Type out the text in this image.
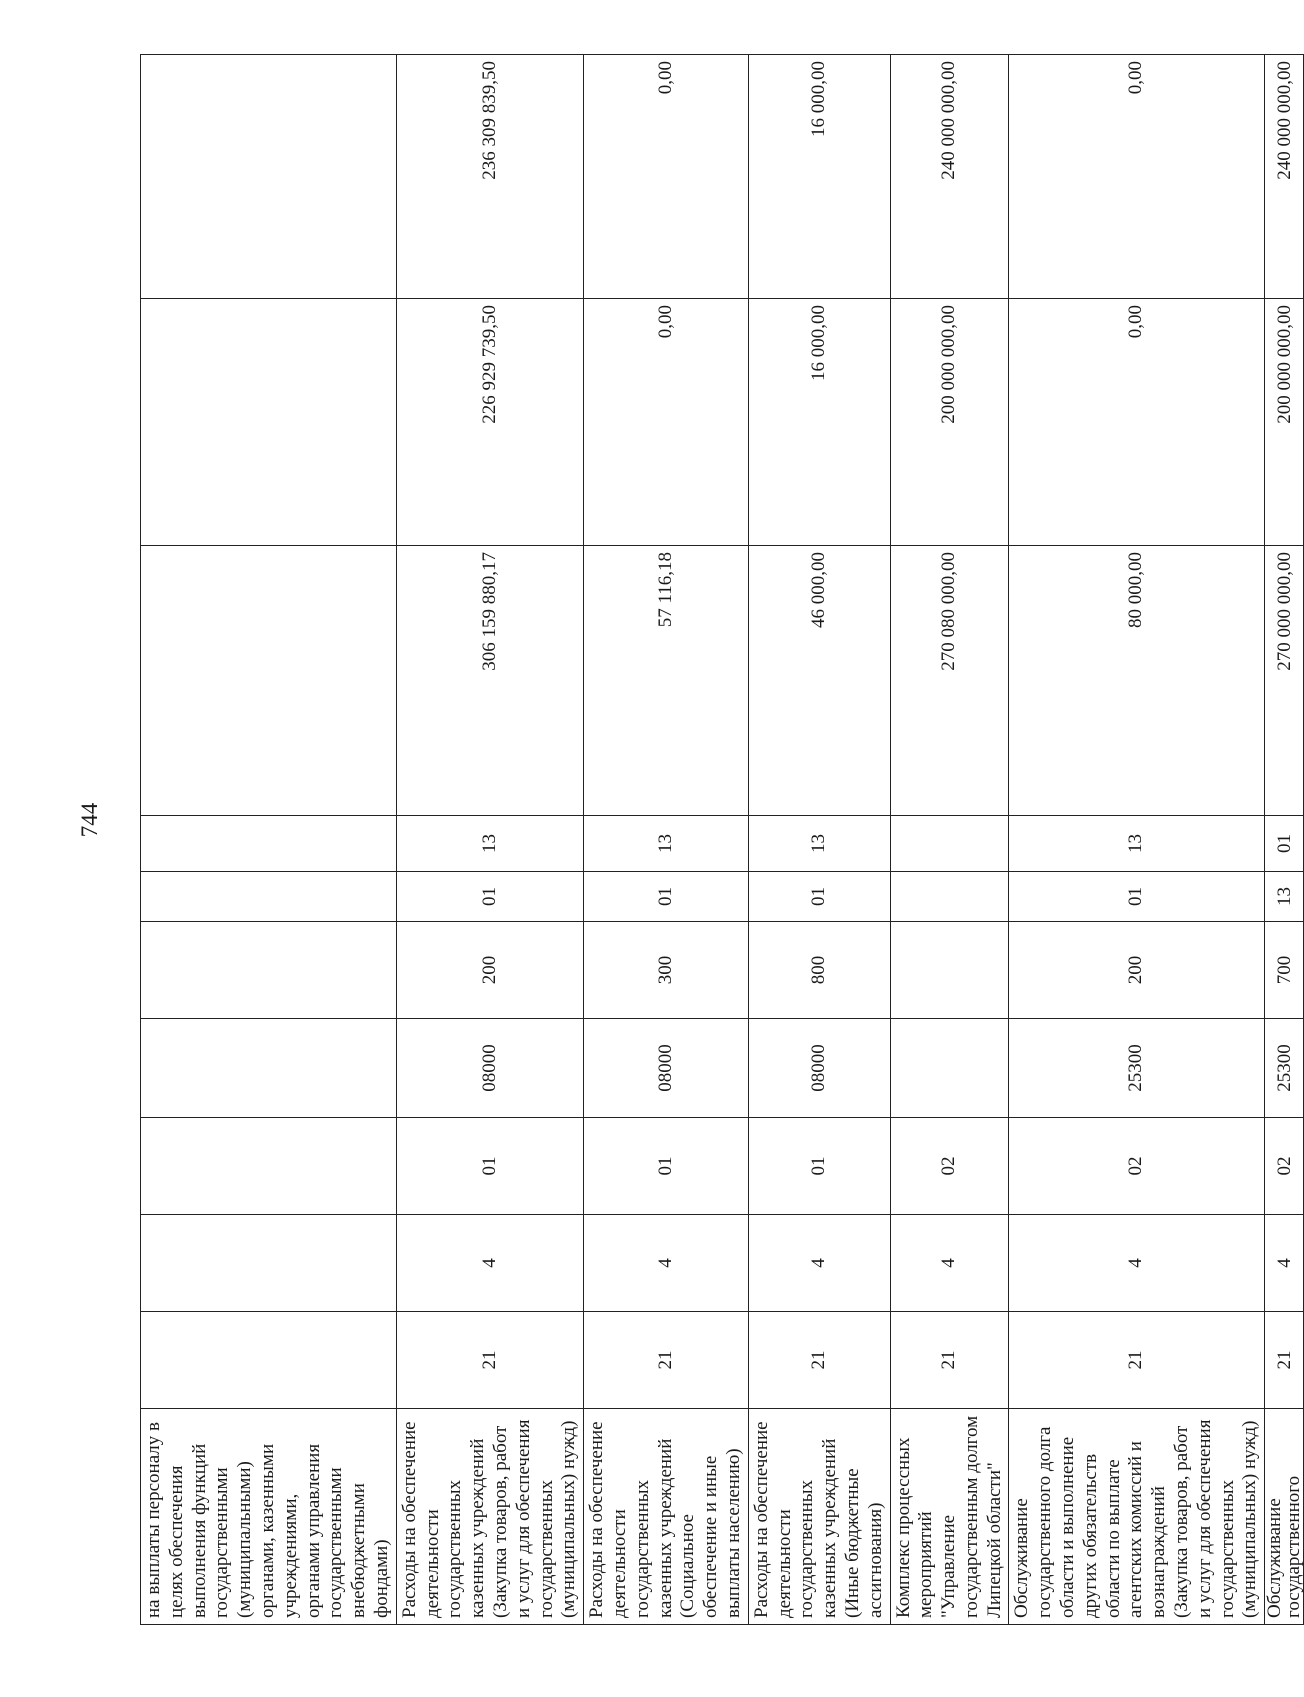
744
на выплаты персоналу в целях обеспечения выполнения функций государственными (муниципальными) органами, казенными учреждениями, органами управления государственными внебюджетными фондами)										
Расходы на обеспечение деятельности государственных казенных учреждений (Закупка товаров, работ и услуг для обеспечения государственных (муниципальных) нужд)	21	4	01	08000	200	01	13	306 159 880,17	226 929 739,50	236 309 839,50
Расходы на обеспечение деятельности государственных казенных учреждений (Социальное обеспечение и иные выплаты населению)	21	4	01	08000	300	01	13	57 116,18	0,00	0,00
Расходы на обеспечение деятельности государственных казенных учреждений (Иные бюджетные ассигнования)	21	4	01	08000	800	01	13	46 000,00	16 000,00	16 000,00
Комплекс процессных мероприятий "Управление государственным долгом Липецкой области"	21	4	02					270 080 000,00	200 000 000,00	240 000 000,00
Обслуживание государственного долга области и выполнение других обязательств области по выплате агентских комиссий и вознаграждений (Закупка товаров, работ и услуг для обеспечения государственных (муниципальных) нужд)	21	4	02	25300	200	01	13	80 000,00	0,00	0,00
Обслуживание государственного	21	4	02	25300	700	13	01	270 000 000,00	200 000 000,00	240 000 000,00
